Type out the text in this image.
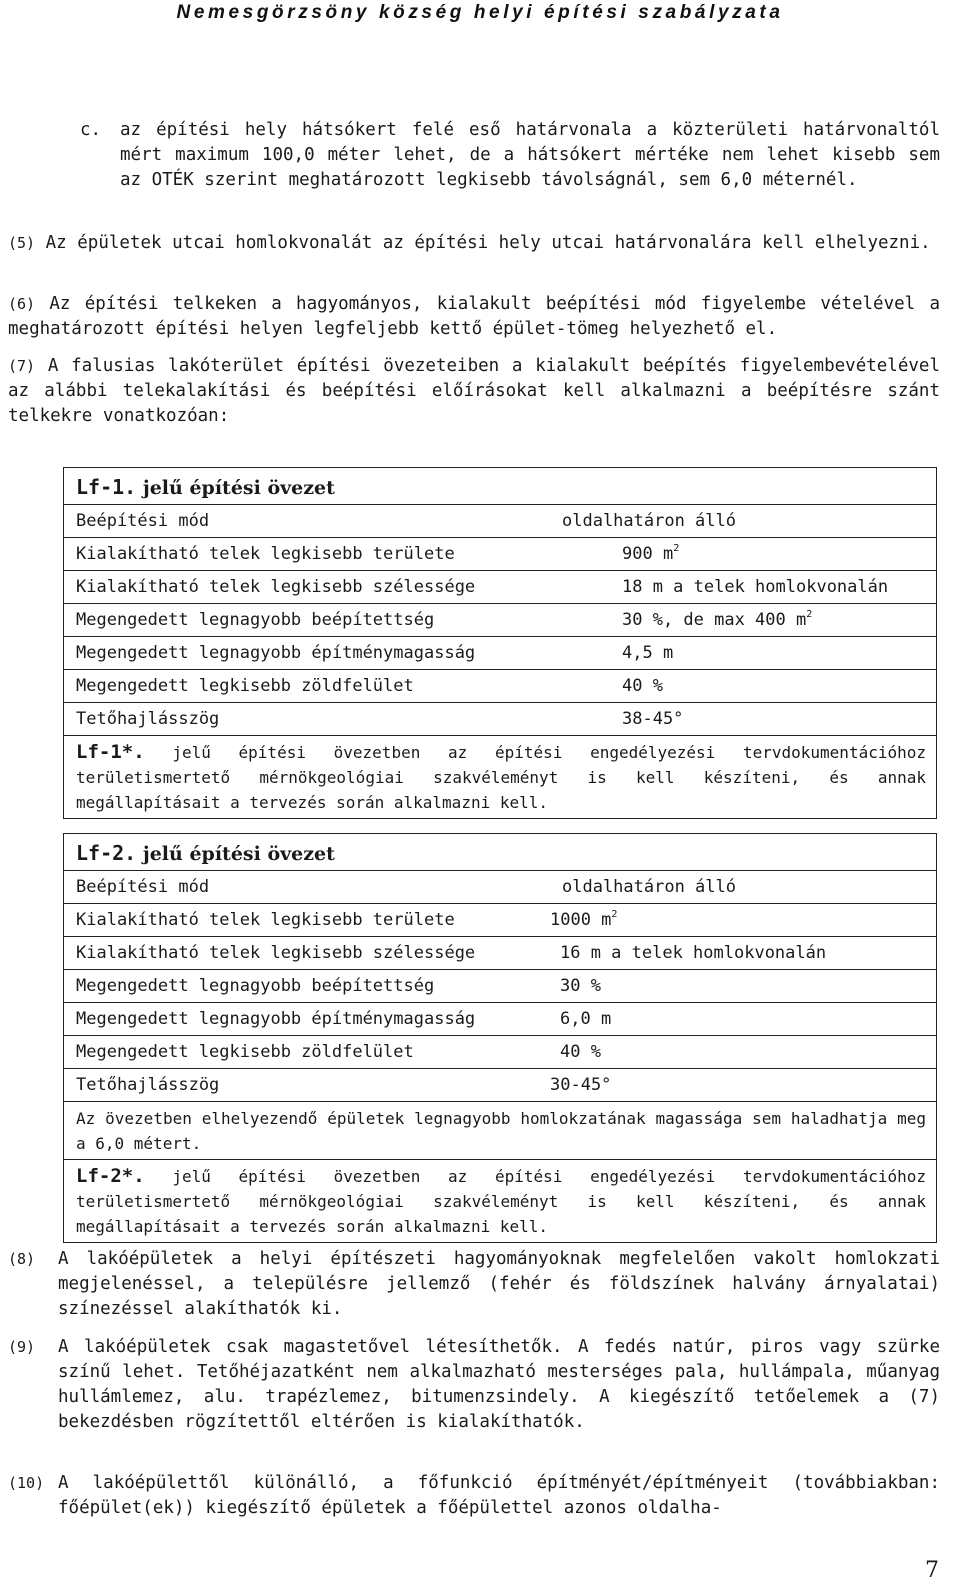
Nemesgörzsöny község helyi építési szabályzata
c. az építési hely hátsókert felé eső határvonala a közterületi határvonaltól mért maximum 100,0 méter lehet, de a hátsókert mértéke nem lehet kisebb sem az OTÉK szerint meghatározott legkisebb távolságnál, sem 6,0 méternél.
(5) Az épületek utcai homlokvonalát az építési hely utcai határvonalára kell elhelyezni.
(6) Az építési telkeken a hagyományos, kialakult beépítési mód figyelembe vételével a meghatározott építési helyen legfeljebb kettő épület-tömeg helyezhető el.
(7) A falusias lakóterület építési övezeteiben a kialakult beépítés figyelembevételével az alábbi telekalakítási és beépítési előírásokat kell alkalmazni a beépítésre szánt telkekre vonatkozóan:
Lf-1. jelű építési övezet
Beépítési mód	oldalhatáron álló
Kialakítható telek legkisebb területe	900 $m^2$
Kialakítható telek legkisebb szélessége	18 m a telek homlokvonalán
Megengedett legnagyobb beépítettség	30 %, de max 400 $m^2$
Megengedett legnagyobb építménymagasság	4,5 m
Megengedett legkisebb zöldfelület	40 %
Tetőhajlásszög	38-45°
Lf-1*. jelű építési övezetben az építési engedélyezési tervdokumentációhoz területismertető mérnökgeológiai szakvéleményt is kell készíteni, és annak megállapításait a tervezés során alkalmazni kell.
Lf-2. jelű építési övezet
Beépítési mód	oldalhatáron álló
Kialakítható telek legkisebb területe	1000 $m^2$
Kialakítható telek legkisebb szélessége	16 m a telek homlokvonalán
Megengedett legnagyobb beépítettség	30 %
Megengedett legnagyobb építménymagasság	6,0 m
Megengedett legkisebb zöldfelület	40 %
Tetőhajlásszög	30-45°
Az övezetben elhelyezendő épületek legnagyobb homlokzatának magassága sem haladhatja meg a 6,0 métert.
Lf-2*. jelű építési övezetben az építési engedélyezési tervdokumentációhoz területismertető mérnökgeológiai szakvéleményt is kell készíteni, és annak megállapításait a tervezés során alkalmazni kell.
(8) A lakóépületek a helyi építészeti hagyományoknak megfelelően vakolt homlokzati megjelenéssel, a településre jellemző (fehér és földszínek halvány árnyalatai) színezéssel alakíthatók ki.
(9) A lakóépületek csak magastetővel létesíthetők. A fedés natúr, piros vagy szürke színű lehet. Tetőhéjazatként nem alkalmazható mesterséges pala, hullámpala, műanyag hullámlemez, alu. trapézlemez, bitumenzsindely. A kiegészítő tetőelemek a (7) bekezdésben rögzítettől eltérően is kialakíthatók.
(10) A lakóépülettől különálló, a főfunkció építményét/építményeit (továbbiakban: főépület(ek)) kiegészítő épületek a főépülettel azonos oldalha-
7
